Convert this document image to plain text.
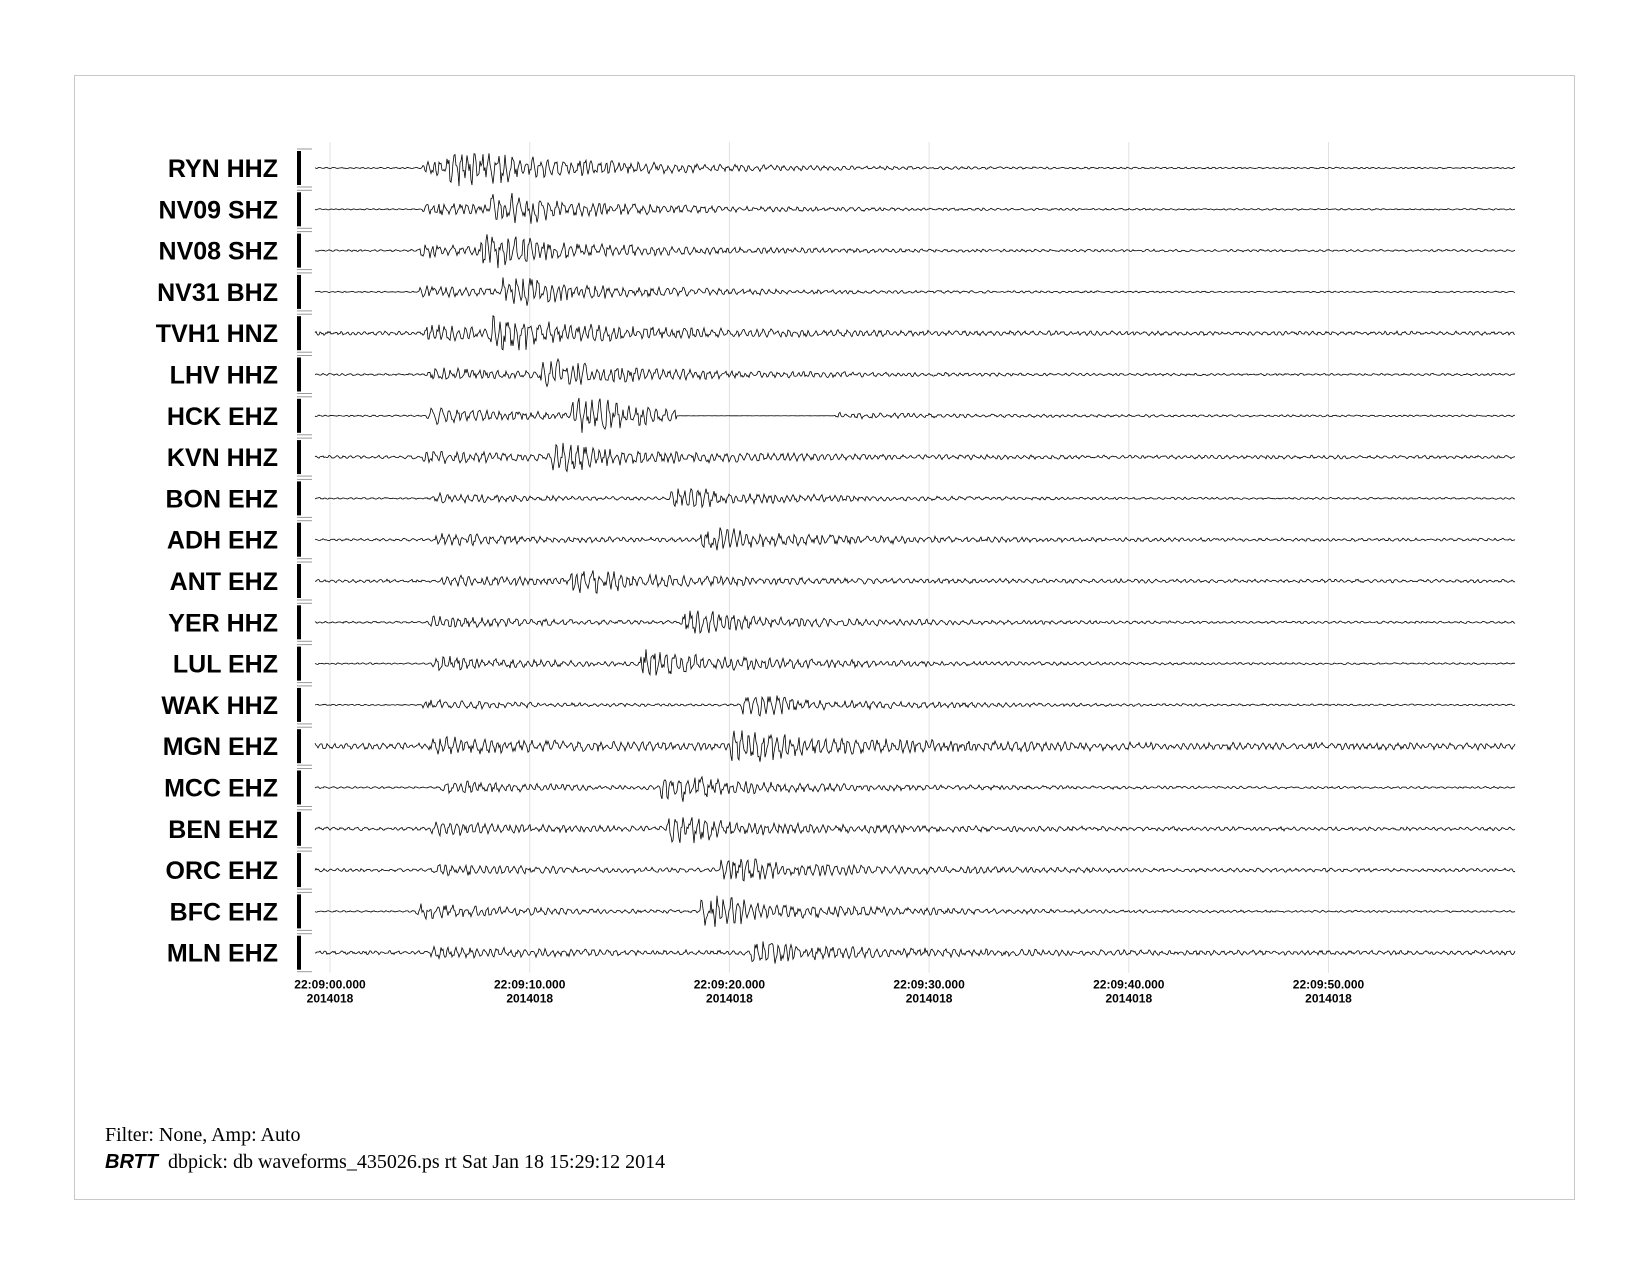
RYN HHZ
NV09 SHZ
NV08 SHZ
NV31 BHZ
TVH1 HNZ
LHV HHZ
HCK EHZ
KVN HHZ
BON EHZ
ADH EHZ
ANT EHZ
YER HHZ
LUL EHZ
WAK HHZ
MGN EHZ
MCC EHZ
BEN EHZ
ORC EHZ
BFC EHZ
MLN EHZ
22:09:00.000
2014018
22:09:10.000
2014018
22:09:20.000
2014018
22:09:30.000
2014018
22:09:40.000
2014018
22:09:50.000
2014018
Filter: None, Amp: Auto
BRTT dbpick: db waveforms_435026.ps rt Sat Jan 18 15:29:12 2014
